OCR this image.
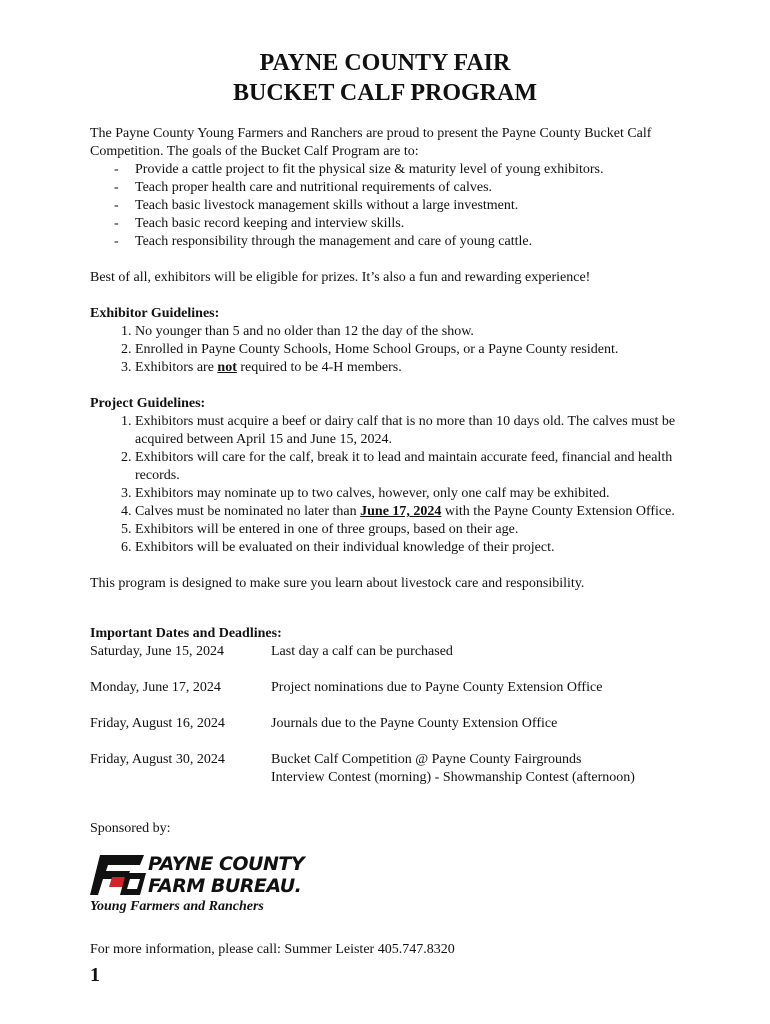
PAYNE COUNTY FAIR
BUCKET CALF PROGRAM
The Payne County Young Farmers and Ranchers are proud to present the Payne County Bucket Calf Competition. The goals of the Bucket Calf Program are to:
- Provide a cattle project to fit the physical size & maturity level of young exhibitors.
- Teach proper health care and nutritional requirements of calves.
- Teach basic livestock management skills without a large investment.
- Teach basic record keeping and interview skills.
- Teach responsibility through the management and care of young cattle.
Best of all, exhibitors will be eligible for prizes. It’s also a fun and rewarding experience!
Exhibitor Guidelines:
1. No younger than 5 and no older than 12 the day of the show.
2. Enrolled in Payne County Schools, Home School Groups, or a Payne County resident.
3. Exhibitors are not required to be 4-H members.
Project Guidelines:
1. Exhibitors must acquire a beef or dairy calf that is no more than 10 days old. The calves must be acquired between April 15 and June 15, 2024.
2. Exhibitors will care for the calf, break it to lead and maintain accurate feed, financial and health records.
3. Exhibitors may nominate up to two calves, however, only one calf may be exhibited.
4. Calves must be nominated no later than June 17, 2024 with the Payne County Extension Office.
5. Exhibitors will be entered in one of three groups, based on their age.
6. Exhibitors will be evaluated on their individual knowledge of their project.
This program is designed to make sure you learn about livestock care and responsibility.
Important Dates and Deadlines:
Saturday, June 15, 2024	Last day a calf can be purchased
Monday, June 17, 2024	Project nominations due to Payne County Extension Office
Friday, August 16, 2024	Journals due to the Payne County Extension Office
Friday, August 30, 2024	Bucket Calf Competition @ Payne County Fairgrounds
Interview Contest (morning) - Showmanship Contest (afternoon)
Sponsored by:
PAYNE COUNTY
FARM BUREAU.
Young Farmers and Ranchers
For more information, please call: Summer Leister 405.747.8320
1
